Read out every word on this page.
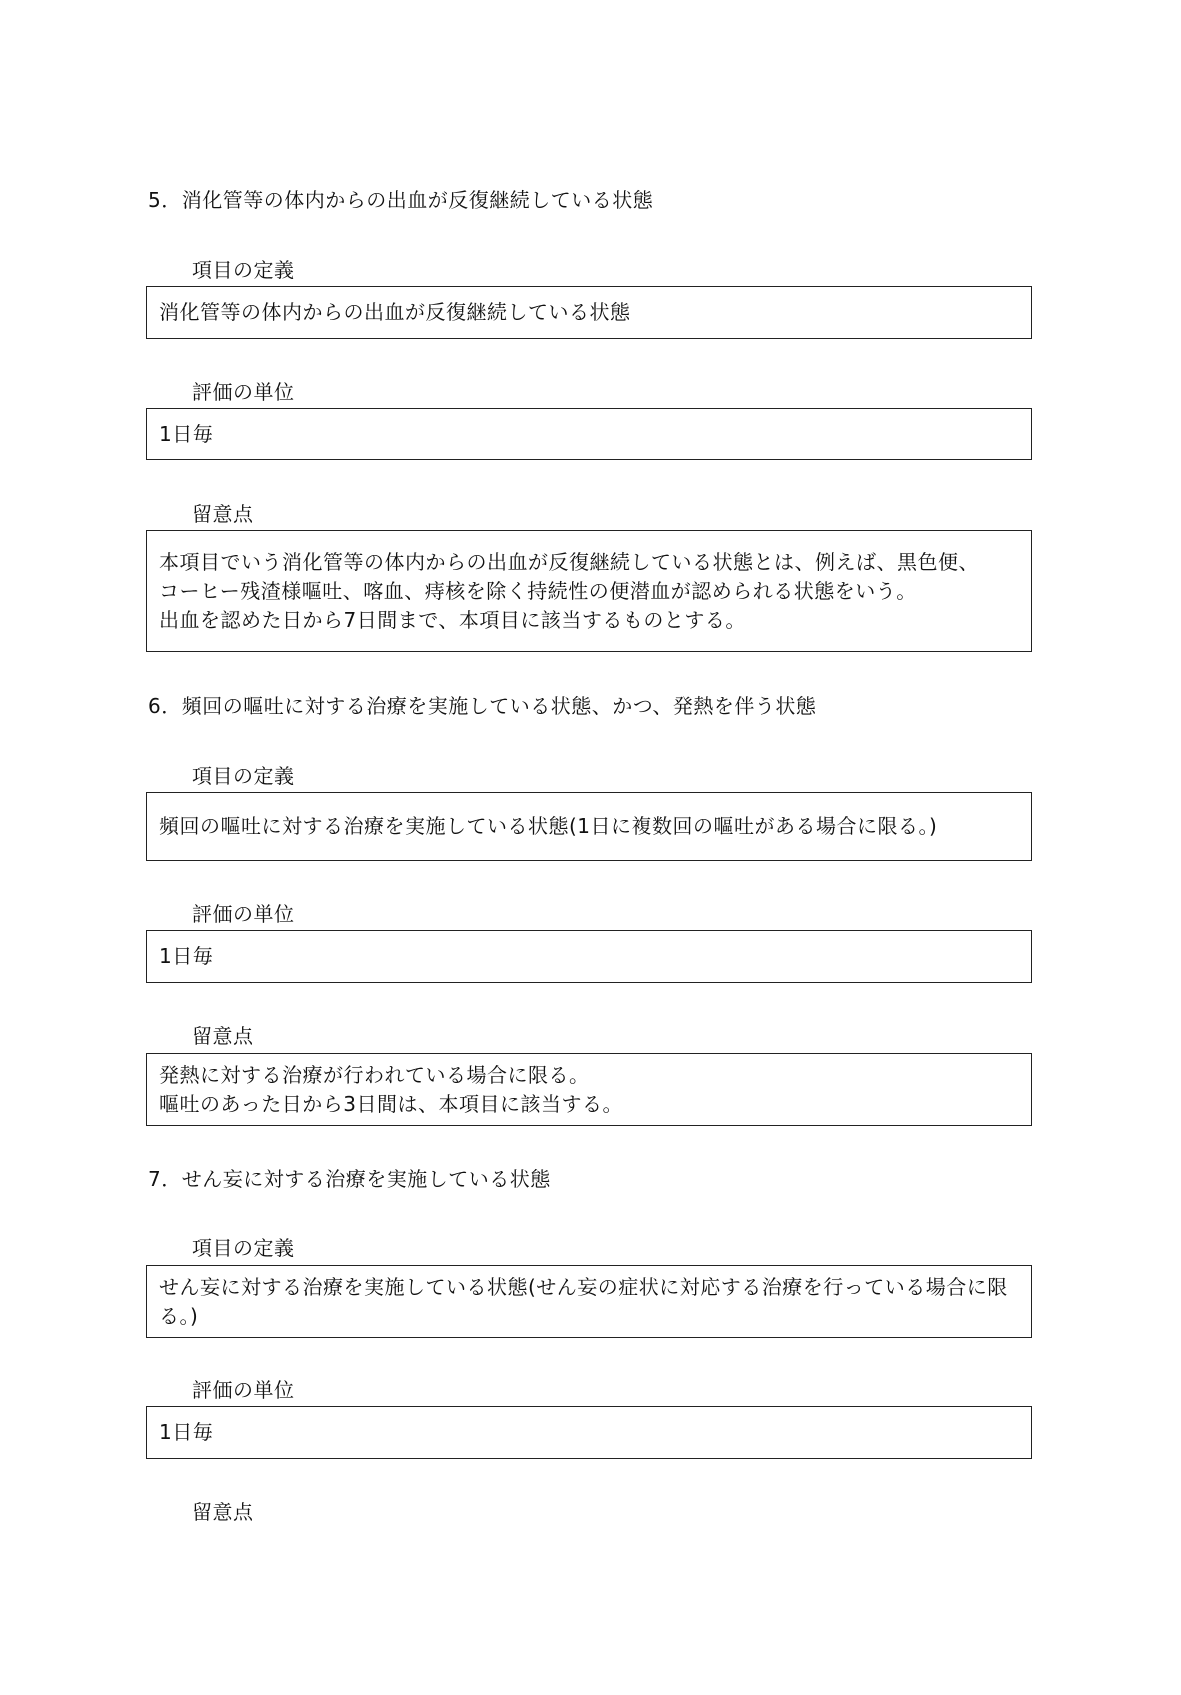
5．消化管等の体内からの出血が反復継続している状態
項目の定義
消化管等の体内からの出血が反復継続している状態
評価の単位
1日毎
留意点
本項目でいう消化管等の体内からの出血が反復継続している状態とは、例えば、黒色便、
コーヒー残渣様嘔吐、喀血、痔核を除く持続性の便潜血が認められる状態をいう。
出血を認めた日から7日間まで、本項目に該当するものとする。
6．頻回の嘔吐に対する治療を実施している状態、かつ、発熱を伴う状態
項目の定義
頻回の嘔吐に対する治療を実施している状態(1日に複数回の嘔吐がある場合に限る。)
評価の単位
1日毎
留意点
発熱に対する治療が行われている場合に限る。
嘔吐のあった日から3日間は、本項目に該当する。
7．せん妄に対する治療を実施している状態
項目の定義
せん妄に対する治療を実施している状態(せん妄の症状に対応する治療を行っている場合に限る。)
評価の単位
1日毎
留意点
